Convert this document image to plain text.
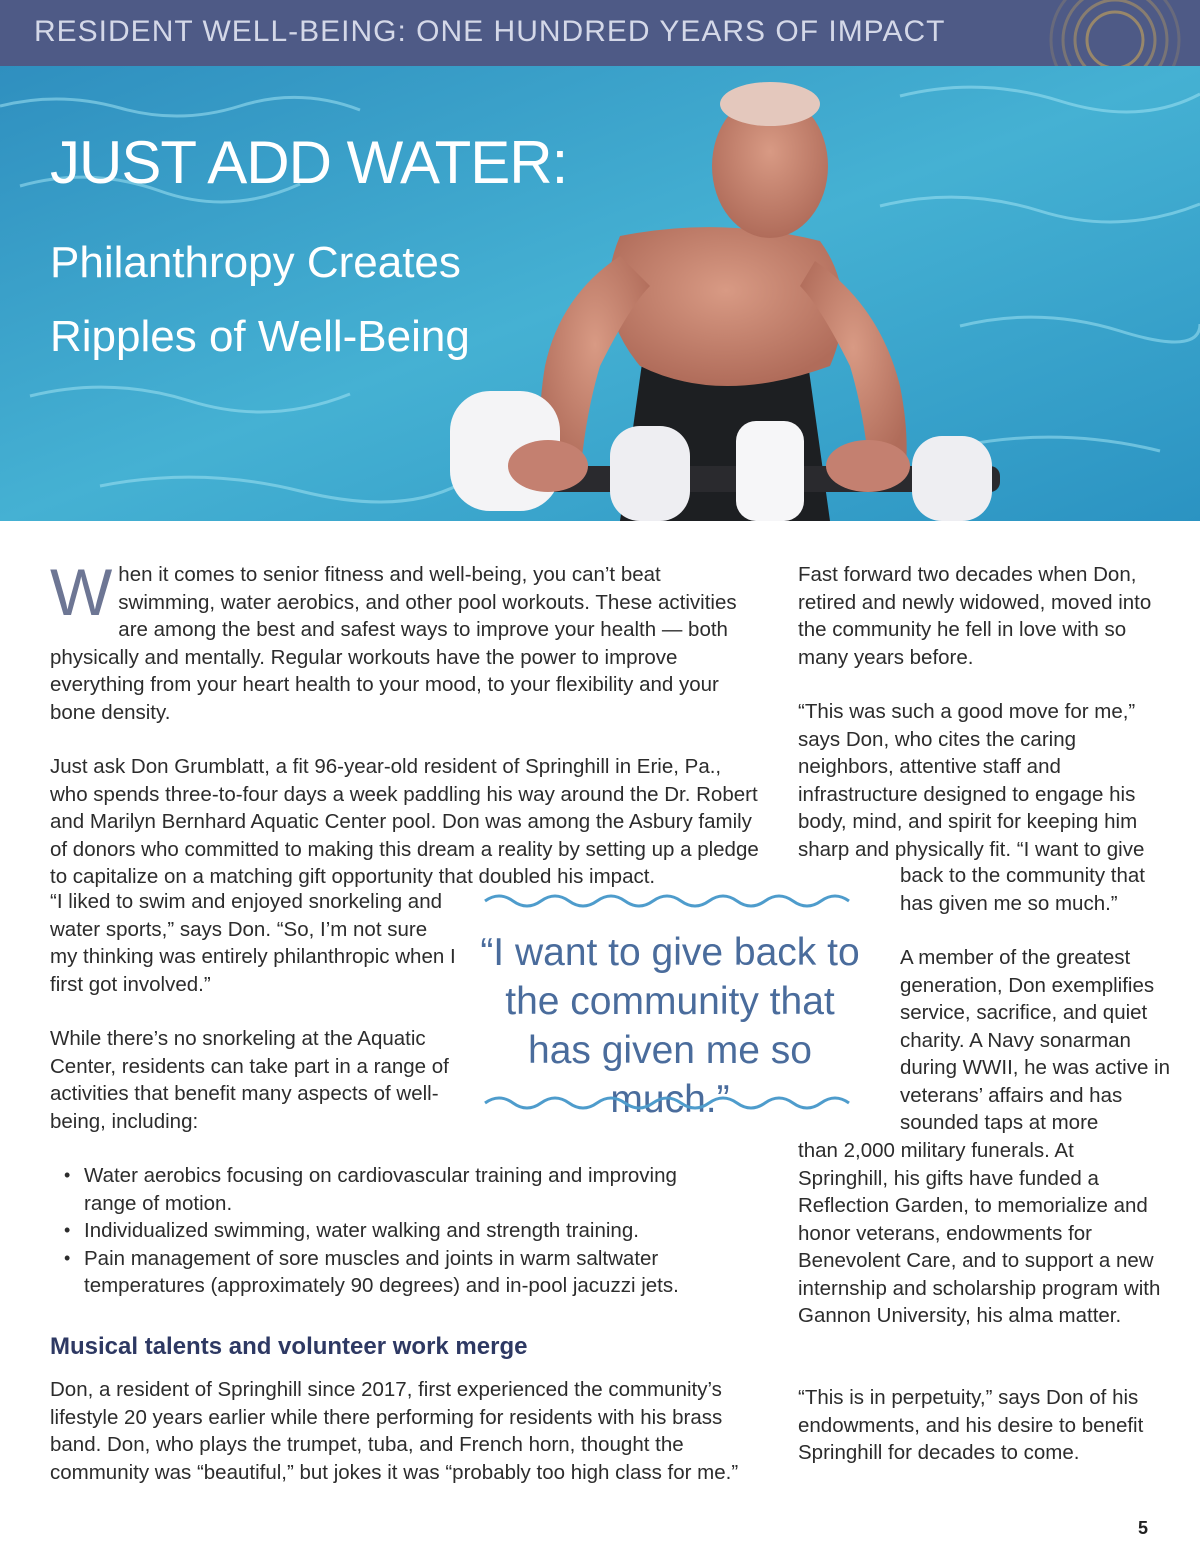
RESIDENT WELL-BEING: ONE HUNDRED YEARS OF IMPACT
JUST ADD WATER:
Philanthropy Creates
Ripples of Well-Being

When it comes to senior fitness and well-being, you can’t beat swimming, water aerobics, and other pool workouts. These activities are among the best and safest ways to improve your health — both physically and mentally. Regular workouts have the power to improve everything from your heart health to your mood, to your flexibility and your bone density.

Just ask Don Grumblatt, a fit 96-year-old resident of Springhill in Erie, Pa., who spends three-to-four days a week paddling his way around the Dr. Robert and Marilyn Bernhard Aquatic Center pool. Don was among the Asbury family of donors who committed to making this dream a reality by setting up a pledge to capitalize on a matching gift opportunity that doubled his impact.

“I liked to swim and enjoyed snorkeling and water sports,” says Don. “So, I’m not sure my thinking was entirely philanthropic when I first got involved.”

While there’s no snorkeling at the Aquatic Center, residents can take part in a range of activities that benefit many aspects of well-being, including:

• Water aerobics focusing on cardiovascular training and improving range of motion.
• Individualized swimming, water walking and strength training.
• Pain management of sore muscles and joints in warm saltwater temperatures (approximately 90 degrees) and in-pool jacuzzi jets.
Musical talents and volunteer work merge

Don, a resident of Springhill since 2017, first experienced the community’s lifestyle 20 years earlier while there performing for residents with his brass band. Don, who plays the trumpet, tuba, and French horn, thought the community was “beautiful,” but jokes it was “probably too high class for me.”

“I want to give back to the community that has given me so much.”

Fast forward two decades when Don, retired and newly widowed, moved into the community he fell in love with so many years before.

“This was such a good move for me,” says Don, who cites the caring neighbors, attentive staff and infrastructure designed to engage his body, mind, and spirit for keeping him sharp and physically fit. “I want to give

back to the community that has given me so much.”

A member of the greatest generation, Don exemplifies service, sacrifice, and quiet charity. A Navy sonarman during WWII, he was active in veterans’ affairs and has sounded taps at more

than 2,000 military funerals. At Springhill, his gifts have funded a Reflection Garden, to memorialize and honor veterans, endowments for Benevolent Care, and to support a new internship and scholarship program with Gannon University, his alma matter.

“This is in perpetuity,” says Don of his endowments, and his desire to benefit Springhill for decades to come.

5
